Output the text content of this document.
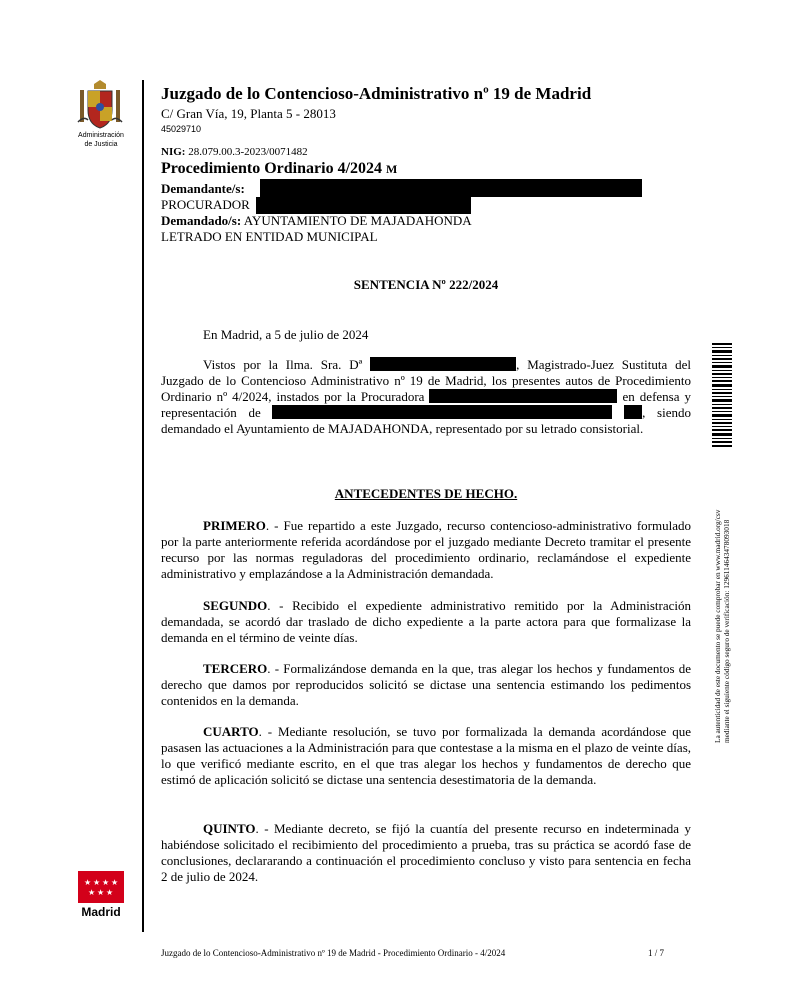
Administración
de Justicia
Juzgado de lo Contencioso-Administrativo nº 19 de Madrid
C/ Gran Vía, 19, Planta 5 - 28013
45029710
NIG: 28.079.00.3-2023/0071482
Procedimiento Ordinario 4/2024 M
Demandante/s:
PROCURADOR
Demandado/s: AYUNTAMIENTO DE MAJADAHONDA
LETRADO EN ENTIDAD MUNICIPAL
SENTENCIA Nº 222/2024
En Madrid, a 5 de julio de 2024
Vistos por la Ilma. Sra. Dª	, Magistrado-Juez Sustituta del Juzgado de lo Contencioso Administrativo nº 19 de Madrid, los presentes autos de Procedimiento Ordinario nº 4/2024, instados por la Procuradora	en defensa y representación de	, siendo demandado el Ayuntamiento de MAJADAHONDA, representado por su letrado consistorial.
ANTECEDENTES DE HECHO.
PRIMERO. - Fue repartido a este Juzgado, recurso contencioso-administrativo formulado por la parte anteriormente referida acordándose por el juzgado mediante Decreto tramitar el presente recurso por las normas reguladoras del procedimiento ordinario, reclamándose el expediente administrativo y emplazándose a la Administración demandada.
SEGUNDO. - Recibido el expediente administrativo remitido por la Administración demandada, se acordó dar traslado de dicho expediente a la parte actora para que formalizase la demanda en el término de veinte días.
TERCERO. - Formalizándose demanda en la que, tras alegar los hechos y fundamentos de derecho que damos por reproducidos solicitó se dictase una sentencia estimando los pedimentos contenidos en la demanda.
CUARTO. - Mediante resolución, se tuvo por formalizada la demanda acordándose que pasasen las actuaciones a la Administración para que contestase a la misma en el plazo de veinte días, lo que verificó mediante escrito, en el que tras alegar los hechos y fundamentos de derecho que estimó de aplicación solicitó se dictase una sentencia desestimatoria de la demanda.
QUINTO. - Mediante decreto, se fijó la cuantía del presente recurso en indeterminada y habiéndose solicitado el recibimiento del procedimiento a prueba, tras su práctica se acordó fase de conclusiones, declararando a continuación el procedimiento concluso y visto para sentencia en fecha 2 de julio de 2024.
La autenticidad de este documento se puede comprobar en www.madrid.org/csv mediante el siguiente código seguro de verificación: 1296114643478093018
★ ★ ★ ★
★ ★ ★
Madrid
Juzgado de lo Contencioso-Administrativo nº 19 de Madrid - Procedimiento Ordinario - 4/2024	1 / 7
